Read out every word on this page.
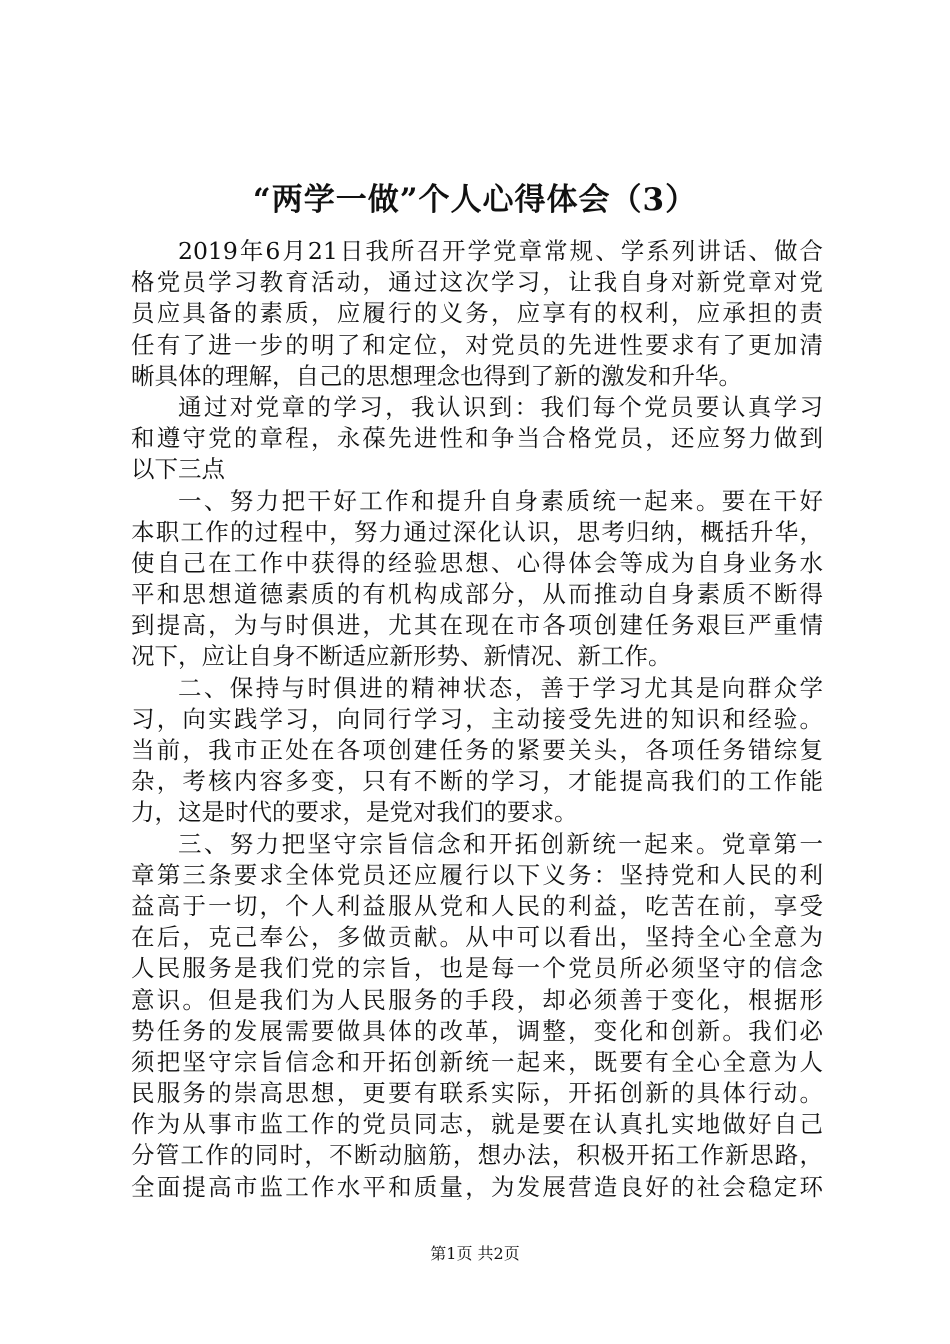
“两学一做”个人心得体会（3）
2019年6月21日我所召开学党章常规、学系列讲话、做合
格党员学习教育活动，通过这次学习，让我自身对新党章对党
员应具备的素质，应履行的义务，应享有的权利，应承担的责
任有了进一步的明了和定位，对党员的先进性要求有了更加清
晰具体的理解，自己的思想理念也得到了新的激发和升华。
通过对党章的学习，我认识到：我们每个党员要认真学习
和遵守党的章程，永葆先进性和争当合格党员，还应努力做到
以下三点
一、努力把干好工作和提升自身素质统一起来。要在干好
本职工作的过程中，努力通过深化认识，思考归纳，概括升华，
使自己在工作中获得的经验思想、心得体会等成为自身业务水
平和思想道德素质的有机构成部分，从而推动自身素质不断得
到提高，为与时俱进，尤其在现在市各项创建任务艰巨严重情
况下，应让自身不断适应新形势、新情况、新工作。
二、保持与时俱进的精神状态，善于学习尤其是向群众学
习，向实践学习，向同行学习，主动接受先进的知识和经验。
当前，我市正处在各项创建任务的紧要关头，各项任务错综复
杂，考核内容多变，只有不断的学习，才能提高我们的工作能
力，这是时代的要求，是党对我们的要求。
三、努力把坚守宗旨信念和开拓创新统一起来。党章第一
章第三条要求全体党员还应履行以下义务：坚持党和人民的利
益高于一切，个人利益服从党和人民的利益，吃苦在前，享受
在后，克己奉公，多做贡献。从中可以看出，坚持全心全意为
人民服务是我们党的宗旨，也是每一个党员所必须坚守的信念
意识。但是我们为人民服务的手段，却必须善于变化，根据形
势任务的发展需要做具体的改革，调整，变化和创新。我们必
须把坚守宗旨信念和开拓创新统一起来，既要有全心全意为人
民服务的崇高思想，更要有联系实际，开拓创新的具体行动。
作为从事市监工作的党员同志，就是要在认真扎实地做好自己
分管工作的同时，不断动脑筋，想办法，积极开拓工作新思路，
全面提高市监工作水平和质量，为发展营造良好的社会稳定环
第1页 共2页
